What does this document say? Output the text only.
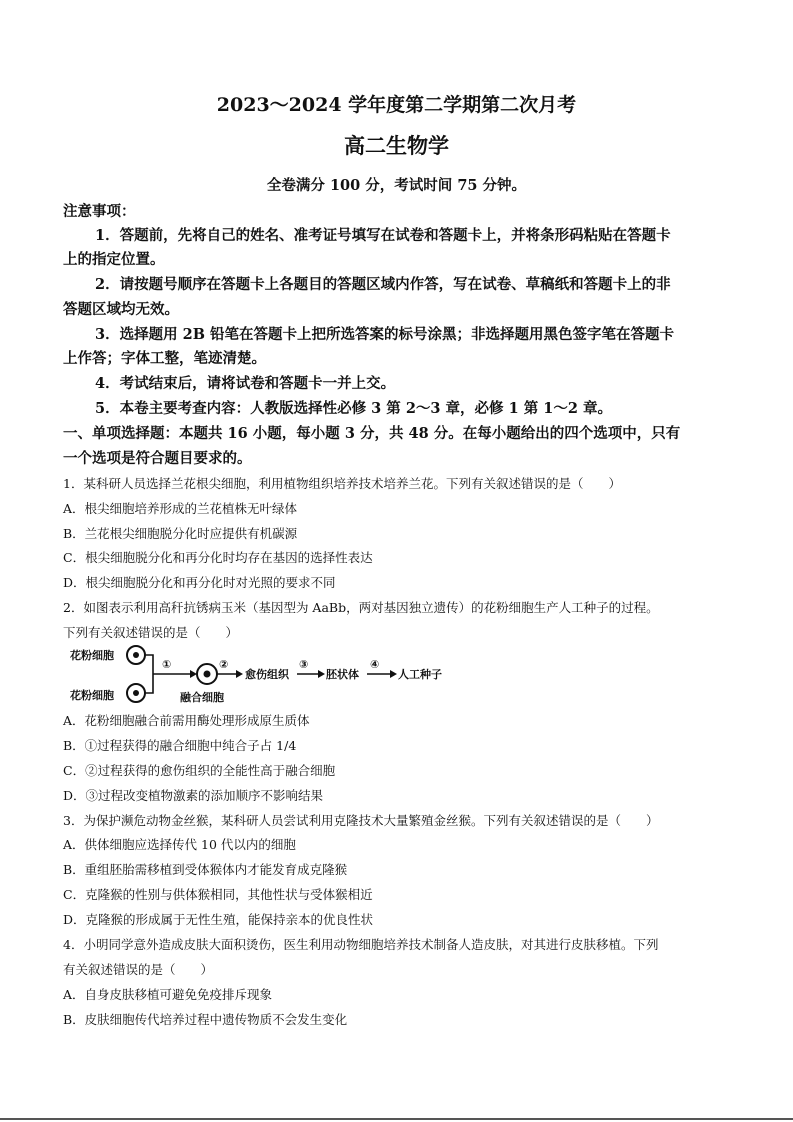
2023～2024 学年度第二学期第二次月考
高二生物学
全卷满分 100 分，考试时间 75 分钟。
注意事项：
1．答题前，先将自己的姓名、准考证号填写在试卷和答题卡上，并将条形码粘贴在答题卡
上的指定位置。
2．请按题号顺序在答题卡上各题目的答题区域内作答，写在试卷、草稿纸和答题卡上的非
答题区域均无效。
3．选择题用 2B 铅笔在答题卡上把所选答案的标号涂黑；非选择题用黑色签字笔在答题卡
上作答；字体工整，笔迹清楚。
4．考试结束后，请将试卷和答题卡一并上交。
5．本卷主要考查内容：人教版选择性必修 3 第 2～3 章，必修 1 第 1～2 章。
一、单项选择题：本题共 16 小题，每小题 3 分，共 48 分。在每小题给出的四个选项中，只有
一个选项是符合题目要求的。
1．某科研人员选择兰花根尖细胞，利用植物组织培养技术培养兰花。下列有关叙述错误的是（　　）
A．根尖细胞培养形成的兰花植株无叶绿体
B．兰花根尖细胞脱分化时应提供有机碳源
C．根尖细胞脱分化和再分化时均存在基因的选择性表达
D．根尖细胞脱分化和再分化时对光照的要求不同
2．如图表示利用高秆抗锈病玉米（基因型为 AaBb，两对基因独立遗传）的花粉细胞生产人工种子的过程。
下列有关叙述错误的是（　　）
花粉细胞
花粉细胞
①
融合细胞
②
愈伤组织
③
胚状体
④
人工种子
A．花粉细胞融合前需用酶处理形成原生质体
B．①过程获得的融合细胞中纯合子占 1/4
C．②过程获得的愈伤组织的全能性高于融合细胞
D．③过程改变植物激素的添加顺序不影响结果
3．为保护濒危动物金丝猴，某科研人员尝试利用克隆技术大量繁殖金丝猴。下列有关叙述错误的是（　　）
A．供体细胞应选择传代 10 代以内的细胞
B．重组胚胎需移植到受体猴体内才能发育成克隆猴
C．克隆猴的性别与供体猴相同，其他性状与受体猴相近
D．克隆猴的形成属于无性生殖，能保持亲本的优良性状
4．小明同学意外造成皮肤大面积烫伤，医生利用动物细胞培养技术制备人造皮肤，对其进行皮肤移植。下列
有关叙述错误的是（　　）
A．自身皮肤移植可避免免疫排斥现象
B．皮肤细胞传代培养过程中遗传物质不会发生变化
